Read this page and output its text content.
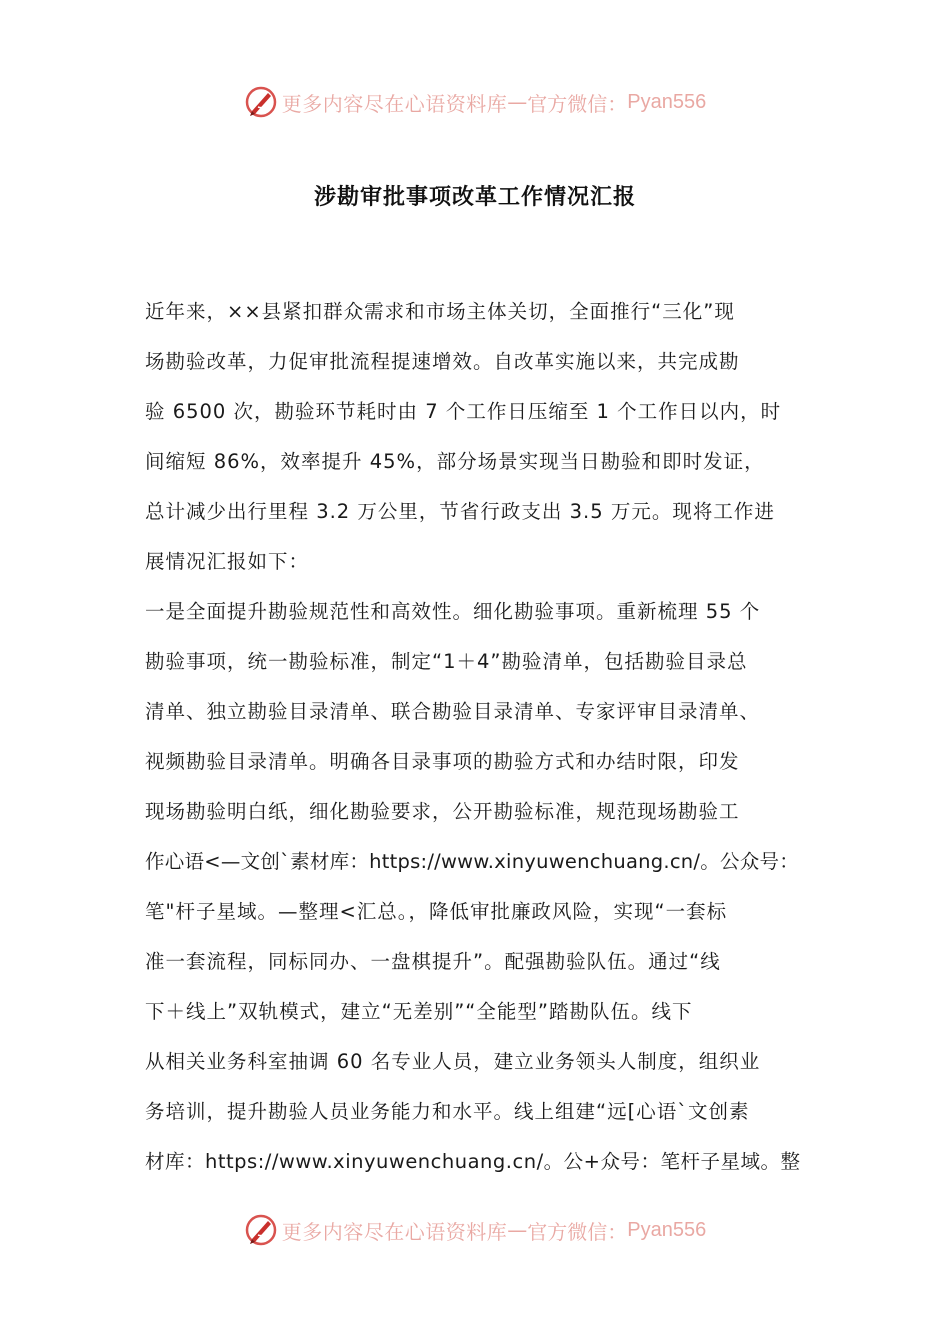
更多内容尽在心语资料库 — 官方微信： Pyan556
涉勘审批事项改革工作情况汇报
近年来，××县紧扣群众需求和市场主体关切，全面推行“三化”现
场勘验改革，力促审批流程提速增效。自改革实施以来，共完成勘
验 6500 次，勘验环节耗时由 7 个工作日压缩至 1 个工作日以内，时
间缩短 86%，效率提升 45%，部分场景实现当日勘验和即时发证，
总计减少出行里程 3.2 万公里，节省行政支出 3.5 万元。现将工作进
展情况汇报如下：
一是全面提升勘验规范性和高效性。细化勘验事项。重新梳理 55 个
勘验事项，统一勘验标准，制定“1＋4”勘验清单，包括勘验目录总
清单、独立勘验目录清单、联合勘验目录清单、专家评审目录清单、
视频勘验目录清单。明确各目录事项的勘验方式和办结时限，印发
现场勘验明白纸，细化勘验要求，公开勘验标准，规范现场勘验工
作心语<—文创`素材库：https://www.xinyuwenchuang.cn/。公众号：
笔"杆子星域。—整理<汇总。，降低审批廉政风险，实现“一套标
准一套流程，同标同办、一盘棋提升”。配强勘验队伍。通过“线
下＋线上”双轨模式，建立“无差别”“全能型”踏勘队伍。线下
从相关业务科室抽调 60 名专业人员，建立业务领头人制度，组织业
务培训，提升勘验人员业务能力和水平。线上组建“远[心语`文创素
材库：https://www.xinyuwenchuang.cn/。公+众号：笔杆子星域。整
更多内容尽在心语资料库 — 官方微信： Pyan556
